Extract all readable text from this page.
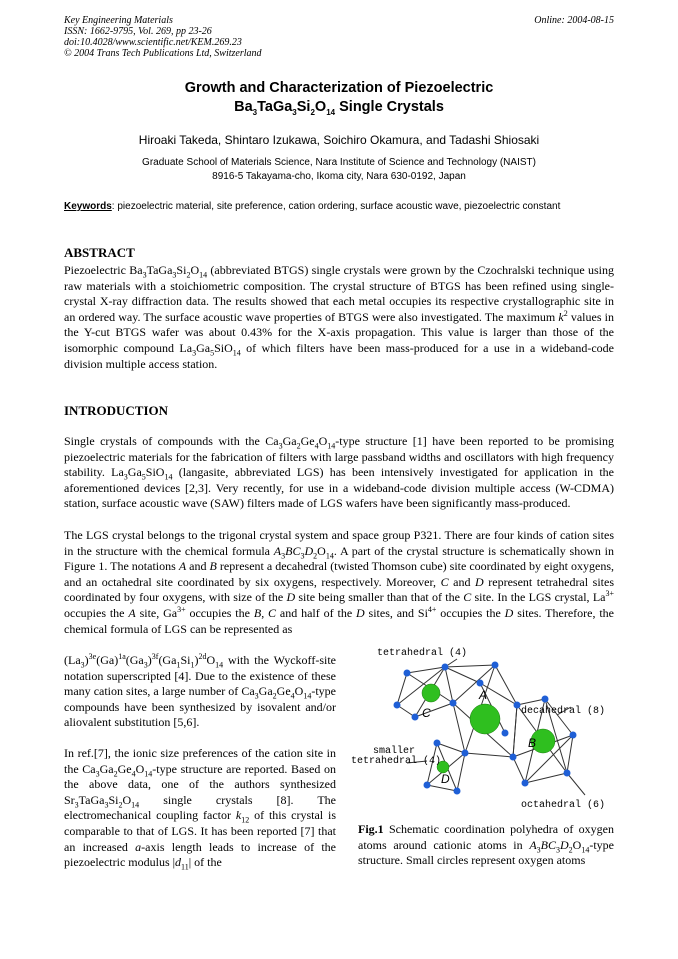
Key Engineering Materials
ISSN: 1662-9795, Vol. 269, pp 23-26
doi:10.4028/www.scientific.net/KEM.269.23
© 2004 Trans Tech Publications Ltd, Switzerland
Online: 2004-08-15
Growth and Characterization of Piezoelectric
$Ba_3TaGa_3Si_2O_{14}$ Single Crystals
Hiroaki Takeda, Shintaro Izukawa, Soichiro Okamura, and Tadashi Shiosaki
Graduate School of Materials Science, Nara Institute of Science and Technology (NAIST)
8916-5 Takayama-cho, Ikoma city, Nara 630-0192, Japan
Keywords: piezoelectric material, site preference, cation ordering, surface acoustic wave, piezoelectric constant
ABSTRACT

Piezoelectric $Ba_3TaGa_3Si_2O_{14}$ (abbreviated BTGS) single crystals were grown by the Czochralski technique using raw materials with a stoichiometric composition. The crystal structure of BTGS has been refined using single-crystal X-ray diffraction data. The results showed that each metal occupies its respective crystallographic site in an ordered way. The surface acoustic wave properties of BTGS were also investigated. The maximum $k^2$ values in the Y-cut BTGS wafer was about 0.43% for the X-axis propagation. This value is larger than those of the isomorphic compound $La_3Ga_5SiO_{14}$ of which filters have been mass-produced for a use in a wideband-code division multiple access station.

INTRODUCTION

Single crystals of compounds with the $Ca_3Ga_2Ge_4O_{14}$-type structure [1] have been reported to be promising piezoelectric materials for the fabrication of filters with large passband widths and oscillators with high frequency stability. $La_3Ga_5SiO_{14}$ (langasite, abbreviated LGS) has been intensively investigated for application in the aforementioned devices [2,3]. Very recently, for use in a wideband-code division multiple access (W-CDMA) station, surface acoustic wave (SAW) filters made of LGS wafers have been significantly mass-produced.

The LGS crystal belongs to the trigonal crystal system and space group P321. There are four kinds of cation sites in the structure with the chemical formula $A_3BC_3D_2O_{14}$. A part of the crystal structure is schematically shown in Figure 1. The notations A and B represent a decahedral (twisted Thomson cube) site coordinated by eight oxygens, and an octahedral site coordinated by six oxygens, respectively. Moreover, C and D represent tetrahedral sites coordinated by four oxygens, with size of the D site being smaller than that of the C site. In the LGS crystal, $La^{3+}$ occupies the A site, $Ga^{3+}$ occupies the B, C and half of the D sites, and $Si^{4+}$ occupies the D sites. Therefore, the chemical formula of LGS can be represented as

$(La_3)^{3e}(Ga)^{1a}(Ga_3)^{3f}(Ga_1Si_1)^{2d}O_{14}$ with the Wyckoff-site notation superscripted [4]. Due to the existence of these many cation sites, a large number of $Ca_3Ga_2Ge_4O_{14}$-type compounds have been synthesized by isovalent and/or aliovalent substitution [5,6].

In ref.[7], the ionic size preferences of the cation site in the $Ca_3Ga_2Ge_4O_{14}$-type structure are reported. Based on the above data, one of the authors synthesized $Sr_3TaGa_3Si_2O_{14}$ single crystals [8]. The electromechanical coupling factor $k_{12}$ of this crystal is comparable to that of LGS. It has been reported [7] that an increased a-axis length leads to increase of the piezoelectric modulus $|d_{11}|$ of the

tetrahedral (4)
decahedral (8)
smaller
tetrahedral (4)
octahedral (6)
A
B
C
D
Fig.1 Schematic coordination polyhedra of oxygen atoms around cationic atoms in $A_3BC_3D_2O_{14}$-type structure. Small circles represent oxygen atoms
